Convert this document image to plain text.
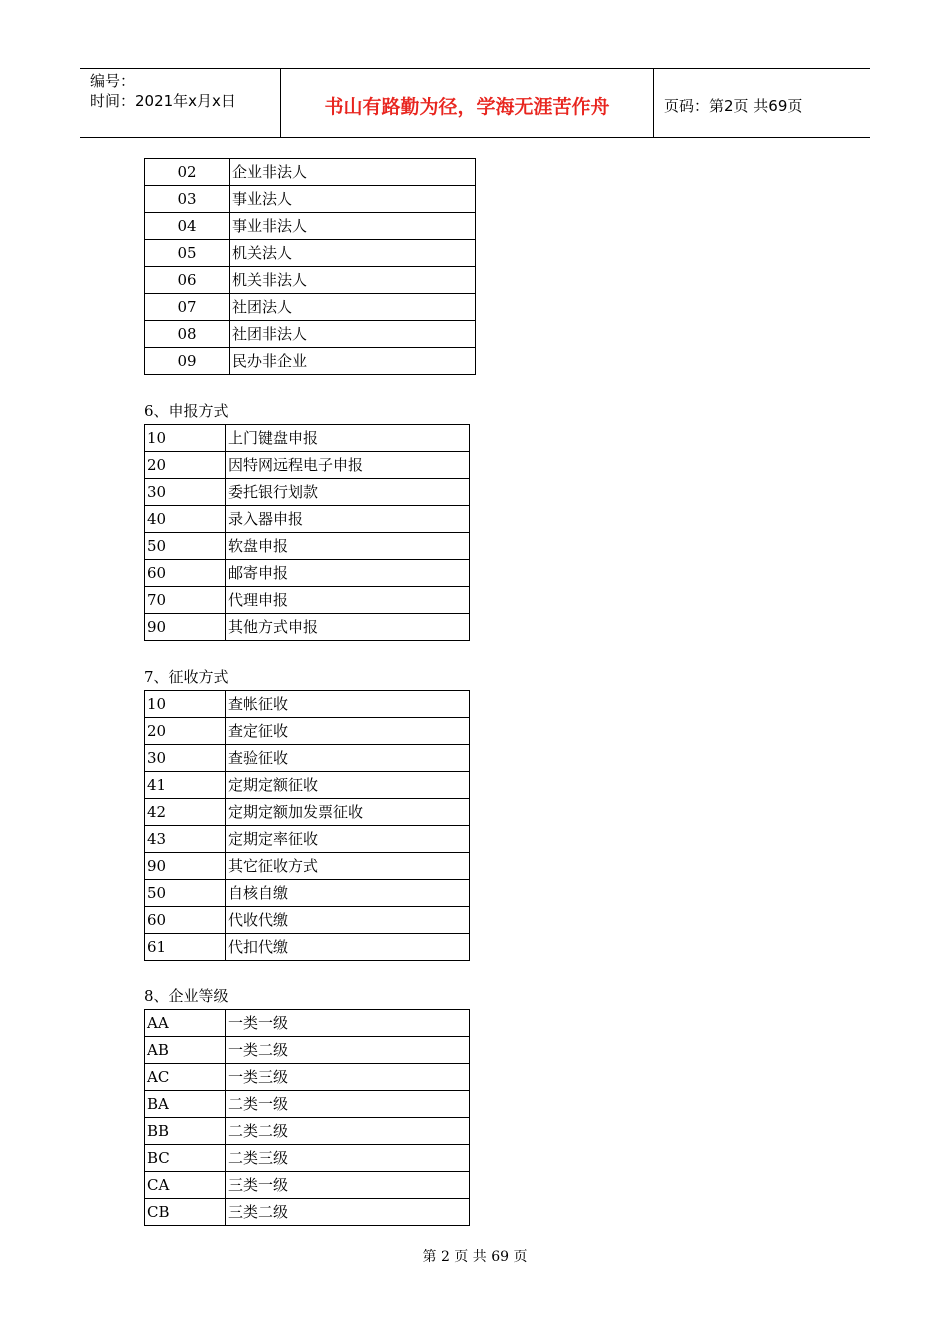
编号：
时间：2021年x月x日	书山有路勤为径，学海无涯苦作舟	页码：第2页 共69页
02	企业非法人
03	事业法人
04	事业非法人
05	机关法人
06	机关非法人
07	社团法人
08	社团非法人
09	民办非企业
6、申报方式
10	上门键盘申报
20	因特网远程电子申报
30	委托银行划款
40	录入器申报
50	软盘申报
60	邮寄申报
70	代理申报
90	其他方式申报
7、征收方式
10	查帐征收
20	查定征收
30	查验征收
41	定期定额征收
42	定期定额加发票征收
43	定期定率征收
90	其它征收方式
50	自核自缴
60	代收代缴
61	代扣代缴
8、企业等级
AA	一类一级
AB	一类二级
AC	一类三级
BA	二类一级
BB	二类二级
BC	二类三级
CA	三类一级
CB	三类二级
第 2 页 共 69 页
